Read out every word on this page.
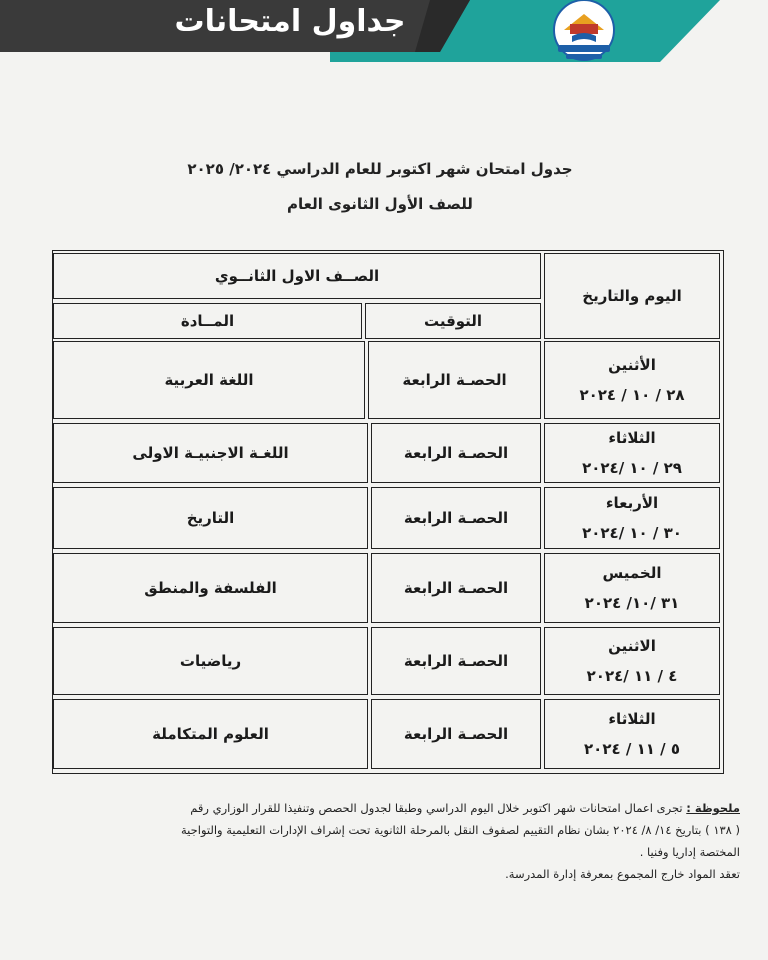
جداول امتحانات
جدول امتحان شهر اكتوبر للعام الدراسي ٢٠٢٤/ ٢٠٢٥
للصف الأول الثانوى العام
اليوم والتاريخ
الصــف الاول الثانــوي
التوقيت
المــادة
الأثنين
٢٨ / ١٠ / ٢٠٢٤
الحصـة الرابعة
اللغة العربية
الثلاثاء
٢٩ / ١٠ /٢٠٢٤
الحصـة الرابعة
اللغـة الاجنبيـة الاولى
الأربعاء
٣٠ / ١٠ /٢٠٢٤
الحصـة الرابعة
التاريخ
الخميس
٣١ /١٠/ ٢٠٢٤
الحصـة الرابعة
الفلسفة والمنطق
الاثنين
٤ / ١١ /٢٠٢٤
الحصـة الرابعة
رياضيات
الثلاثاء
٥ / ١١ / ٢٠٢٤
الحصـة الرابعة
العلوم المتكاملة
ملحوظة : تجرى اعمال امتحانات شهر اكتوبر خلال اليوم الدراسي وطبقا لجدول الحصص وتنفيذا للقرار الوزاري رقم
( ١٣٨ ) بتاريخ ١٤/ ٨/ ٢٠٢٤ بشان نظام التقييم لصفوف النقل بالمرحلة الثانوية تحت إشراف الإدارات التعليمية والتواجية
المختصة إداريا وفنيا .
تعقد المواد خارج المجموع بمعرفة إدارة المدرسة.
